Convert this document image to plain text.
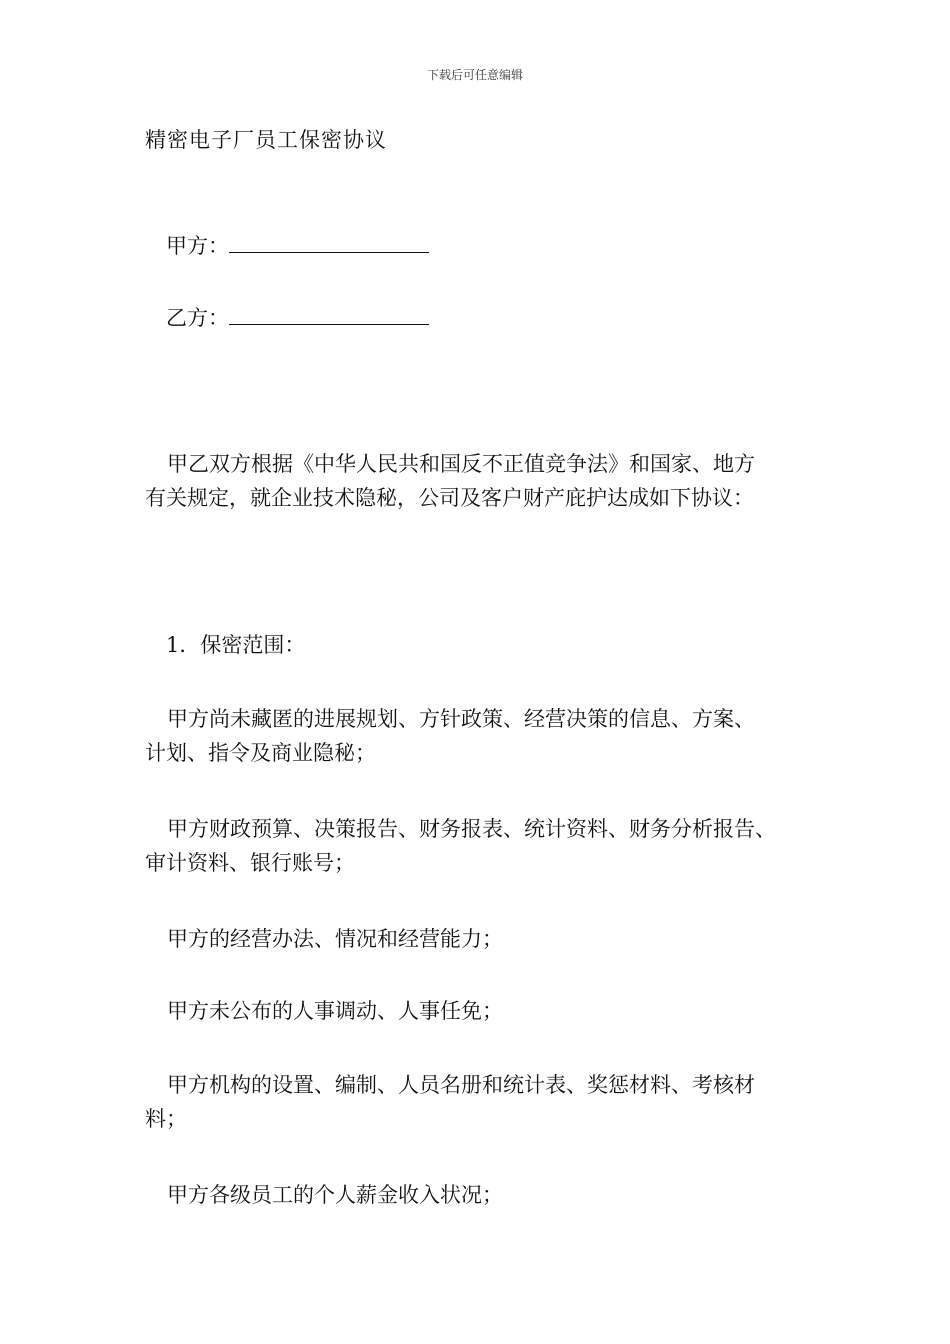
下载后可任意编辑
精密电子厂员工保密协议
甲方：
乙方：
甲乙双方根据《中华人民共和国反不正值竞争法》和国家、地方
有关规定，就企业技术隐秘，公司及客户财产庇护达成如下协议：
1．保密范围：
甲方尚未藏匿的进展规划、方针政策、经营决策的信息、方案、
计划、指令及商业隐秘；
甲方财政预算、决策报告、财务报表、统计资料、财务分析报告、
审计资料、银行账号；
甲方的经营办法、情况和经营能力；
甲方未公布的人事调动、人事任免；
甲方机构的设置、编制、人员名册和统计表、奖惩材料、考核材
料；
甲方各级员工的个人薪金收入状况；
